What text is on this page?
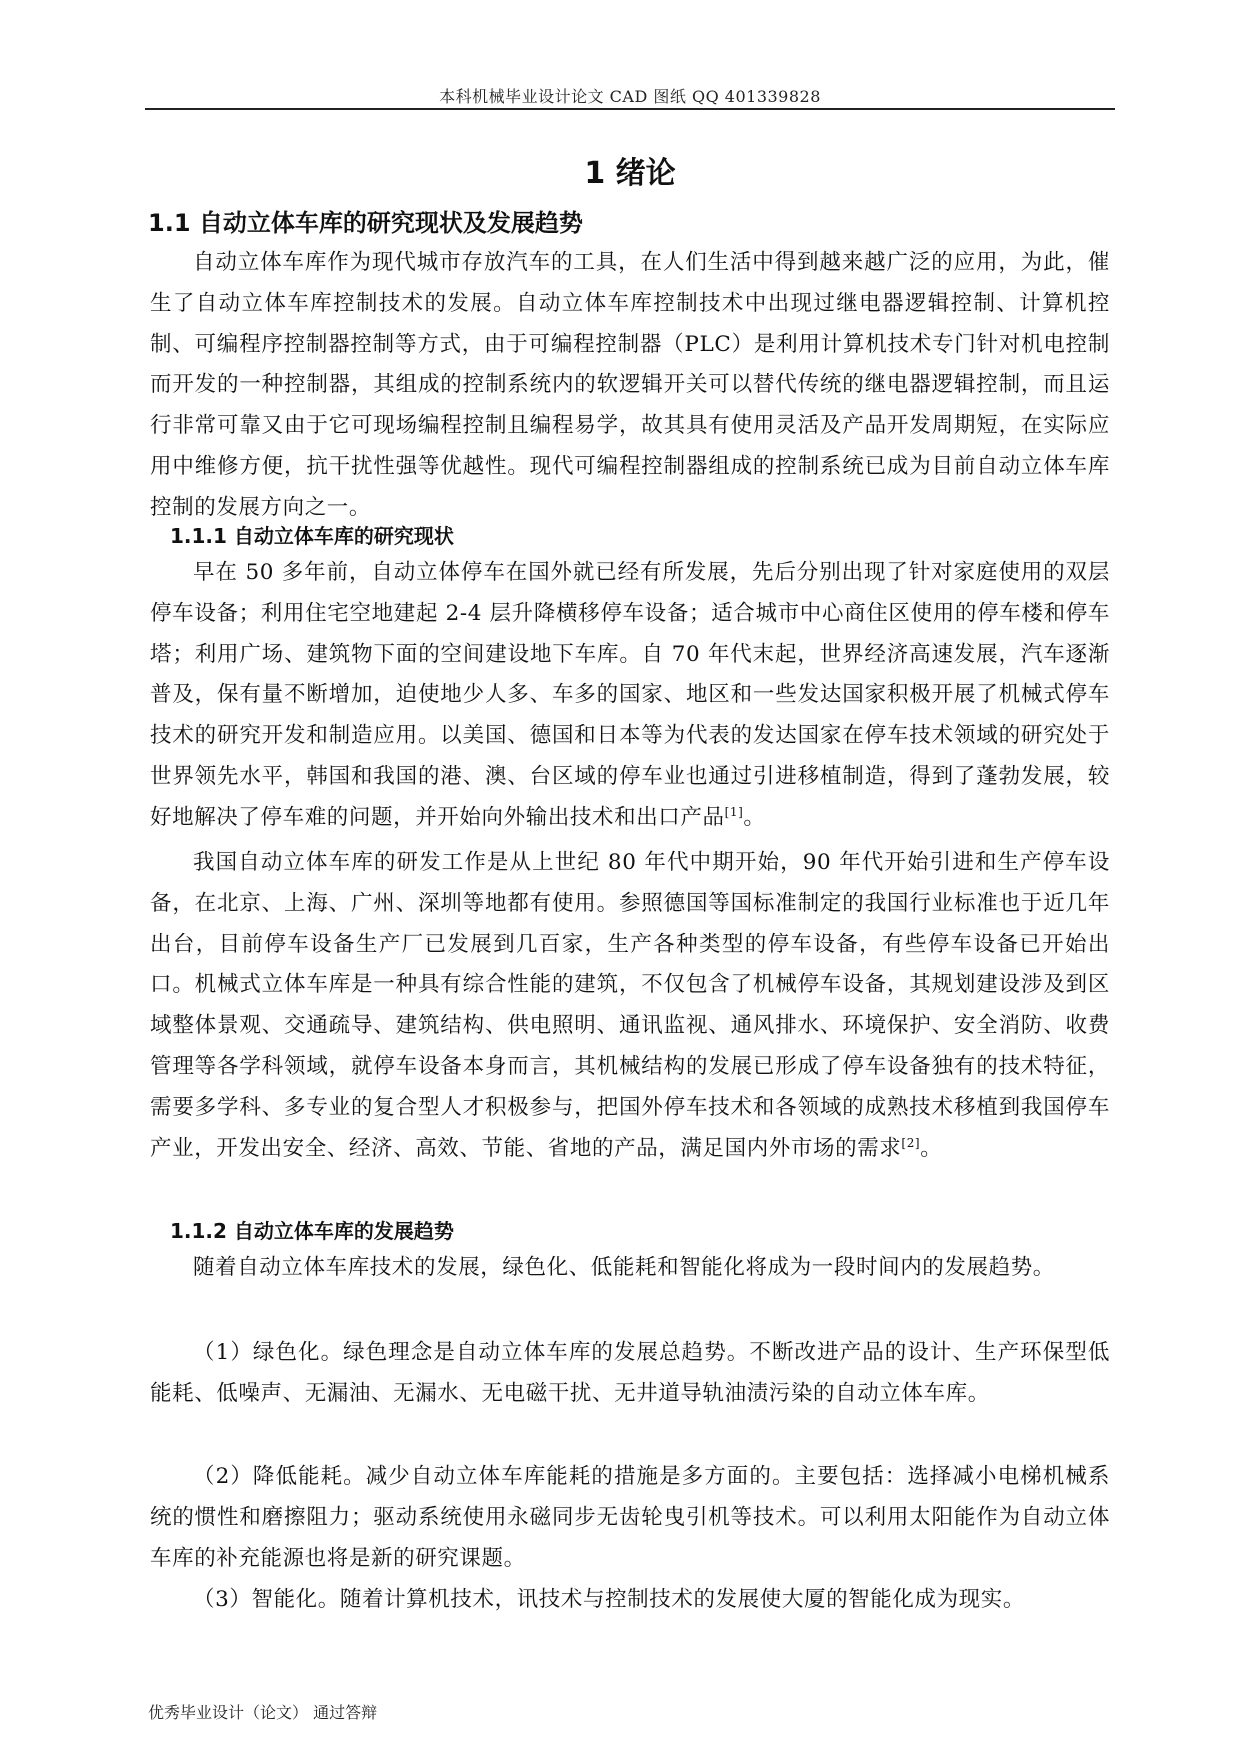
本科机械毕业设计论文 CAD 图纸 QQ 401339828
1 绪论
1.1 自动立体车库的研究现状及发展趋势

自动立体车库作为现代城市存放汽车的工具，在人们生活中得到越来越广泛的应用，为此，催生了自动立体车库控制技术的发展。自动立体车库控制技术中出现过继电器逻辑控制、计算机控制、可编程序控制器控制等方式，由于可编程控制器（PLC）是利用计算机技术专门针对机电控制而开发的一种控制器，其组成的控制系统内的软逻辑开关可以替代传统的继电器逻辑控制，而且运行非常可靠又由于它可现场编程控制且编程易学，故其具有使用灵活及产品开发周期短，在实际应用中维修方便，抗干扰性强等优越性。现代可编程控制器组成的控制系统已成为目前自动立体车库控制的发展方向之一。

1.1.1 自动立体车库的研究现状

早在 50 多年前，自动立体停车在国外就已经有所发展，先后分别出现了针对家庭使用的双层停车设备；利用住宅空地建起 2-4 层升降横移停车设备；适合城市中心商住区使用的停车楼和停车塔；利用广场、建筑物下面的空间建设地下车库。自 70 年代末起，世界经济高速发展，汽车逐渐普及，保有量不断增加，迫使地少人多、车多的国家、地区和一些发达国家积极开展了机械式停车技术的研究开发和制造应用。以美国、德国和日本等为代表的发达国家在停车技术领域的研究处于世界领先水平，韩国和我国的港、澳、台区域的停车业也通过引进移植制造，得到了蓬勃发展，较好地解决了停车难的问题，并开始向外输出技术和出口产品[1]。

我国自动立体车库的研发工作是从上世纪 80 年代中期开始，90 年代开始引进和生产停车设备，在北京、上海、广州、深圳等地都有使用。参照德国等国标准制定的我国行业标准也于近几年出台，目前停车设备生产厂已发展到几百家，生产各种类型的停车设备，有些停车设备已开始出口。机械式立体车库是一种具有综合性能的建筑，不仅包含了机械停车设备，其规划建设涉及到区域整体景观、交通疏导、建筑结构、供电照明、通讯监视、通风排水、环境保护、安全消防、收费管理等各学科领域，就停车设备本身而言，其机械结构的发展已形成了停车设备独有的技术特征，需要多学科、多专业的复合型人才积极参与，把国外停车技术和各领域的成熟技术移植到我国停车产业，开发出安全、经济、高效、节能、省地的产品，满足国内外市场的需求[2]。

1.1.2 自动立体车库的发展趋势

随着自动立体车库技术的发展，绿色化、低能耗和智能化将成为一段时间内的发展趋势。

（1）绿色化。绿色理念是自动立体车库的发展总趋势。不断改进产品的设计、生产环保型低能耗、低噪声、无漏油、无漏水、无电磁干扰、无井道导轨油渍污染的自动立体车库。

（2）降低能耗。减少自动立体车库能耗的措施是多方面的。主要包括：选择减小电梯机械系统的惯性和磨擦阻力；驱动系统使用永磁同步无齿轮曳引机等技术。可以利用太阳能作为自动立体车库的补充能源也将是新的研究课题。

（3）智能化。随着计算机技术，讯技术与控制技术的发展使大厦的智能化成为现实。

优秀毕业设计（论文） 通过答辩
